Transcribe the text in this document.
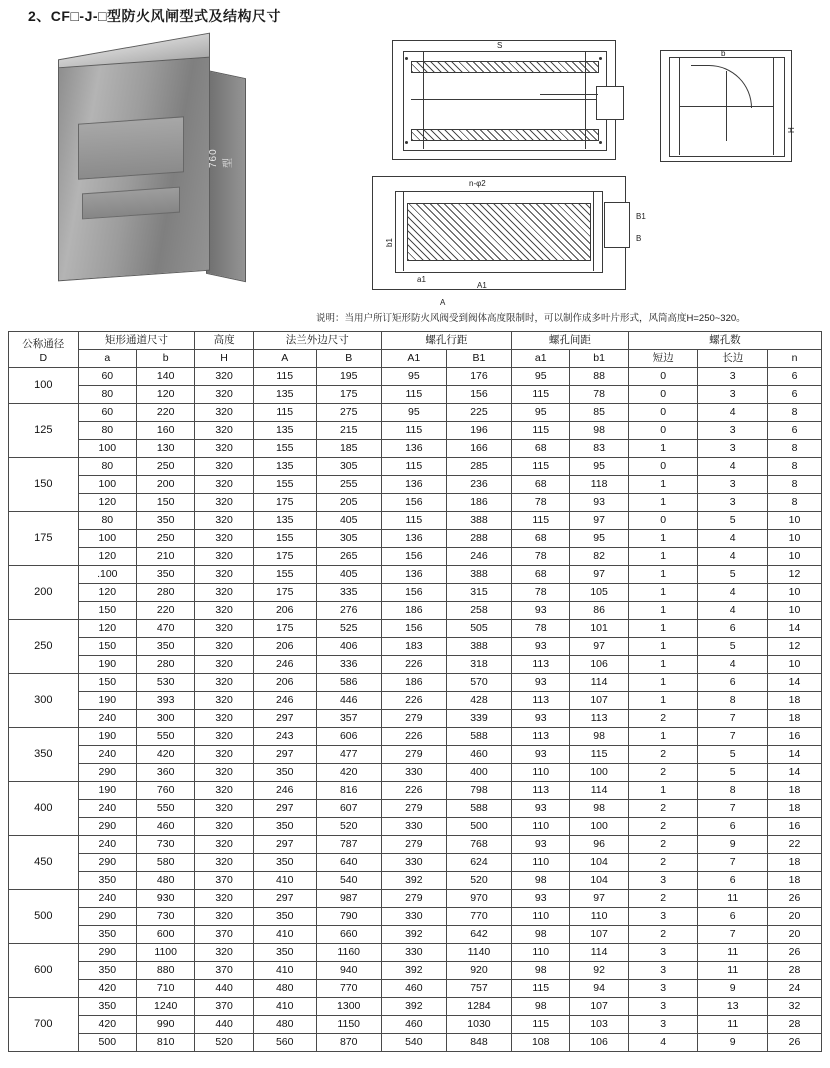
2、CF□-J-□型防火风闸型式及结构尺寸
760型
S
b
H
n-φ2
a1
A1
b1
B1
B
A
说明：当用户所订矩形防火风阀受到阀体高度限制时，可以制作成多叶片形式，风筒高度H=250~320。
公称通径
D	矩形通道尺寸		高度	法兰外边尺寸		螺孔行距		螺孔间距		螺孔数		
	a	b	H	A	B	A1	B1	a1	b1	短边	长边	n
100	60	140	320	115	195	95	176	95	88	0	3	6
	80	120	320	135	175	115	156	115	78	0	3	6
125	60	220	320	115	275	95	225	95	85	0	4	8
	80	160	320	135	215	115	196	115	98	0	3	6
	100	130	320	155	185	136	166	68	83	1	3	8
150	80	250	320	135	305	115	285	115	95	0	4	8
	100	200	320	155	255	136	236	68	118	1	3	8
	120	150	320	175	205	156	186	78	93	1	3	8
175	80	350	320	135	405	115	388	115	97	0	5	10
	100	250	320	155	305	136	288	68	95	1	4	10
	120	210	320	175	265	156	246	78	82	1	4	10
200	.100	350	320	155	405	136	388	68	97	1	5	12
	120	280	320	175	335	156	315	78	105	1	4	10
	150	220	320	206	276	186	258	93	86	1	4	10
250	120	470	320	175	525	156	505	78	101	1	6	14
	150	350	320	206	406	183	388	93	97	1	5	12
	190	280	320	246	336	226	318	113	106	1	4	10
300	150	530	320	206	586	186	570	93	114	1	6	14
	190	393	320	246	446	226	428	113	107	1	8	18
	240	300	320	297	357	279	339	93	113	2	7	18
350	190	550	320	243	606	226	588	113	98	1	7	16
	240	420	320	297	477	279	460	93	115	2	5	14
	290	360	320	350	420	330	400	110	100	2	5	14
400	190	760	320	246	816	226	798	113	114	1	8	18
	240	550	320	297	607	279	588	93	98	2	7	18
	290	460	320	350	520	330	500	110	100	2	6	16
450	240	730	320	297	787	279	768	93	96	2	9	22
	290	580	320	350	640	330	624	110	104	2	7	18
	350	480	370	410	540	392	520	98	104	3	6	18
500	240	930	320	297	987	279	970	93	97	2	11	26
	290	730	320	350	790	330	770	110	110	3	6	20
	350	600	370	410	660	392	642	98	107	2	7	20
600	290	1100	320	350	1160	330	1140	110	114	3	11	26
	350	880	370	410	940	392	920	98	92	3	11	28
	420	710	440	480	770	460	757	115	94	3	9	24
700	350	1240	370	410	1300	392	1284	98	107	3	13	32
	420	990	440	480	1150	460	1030	115	103	3	11	28
	500	810	520	560	870	540	848	108	106	4	9	26
